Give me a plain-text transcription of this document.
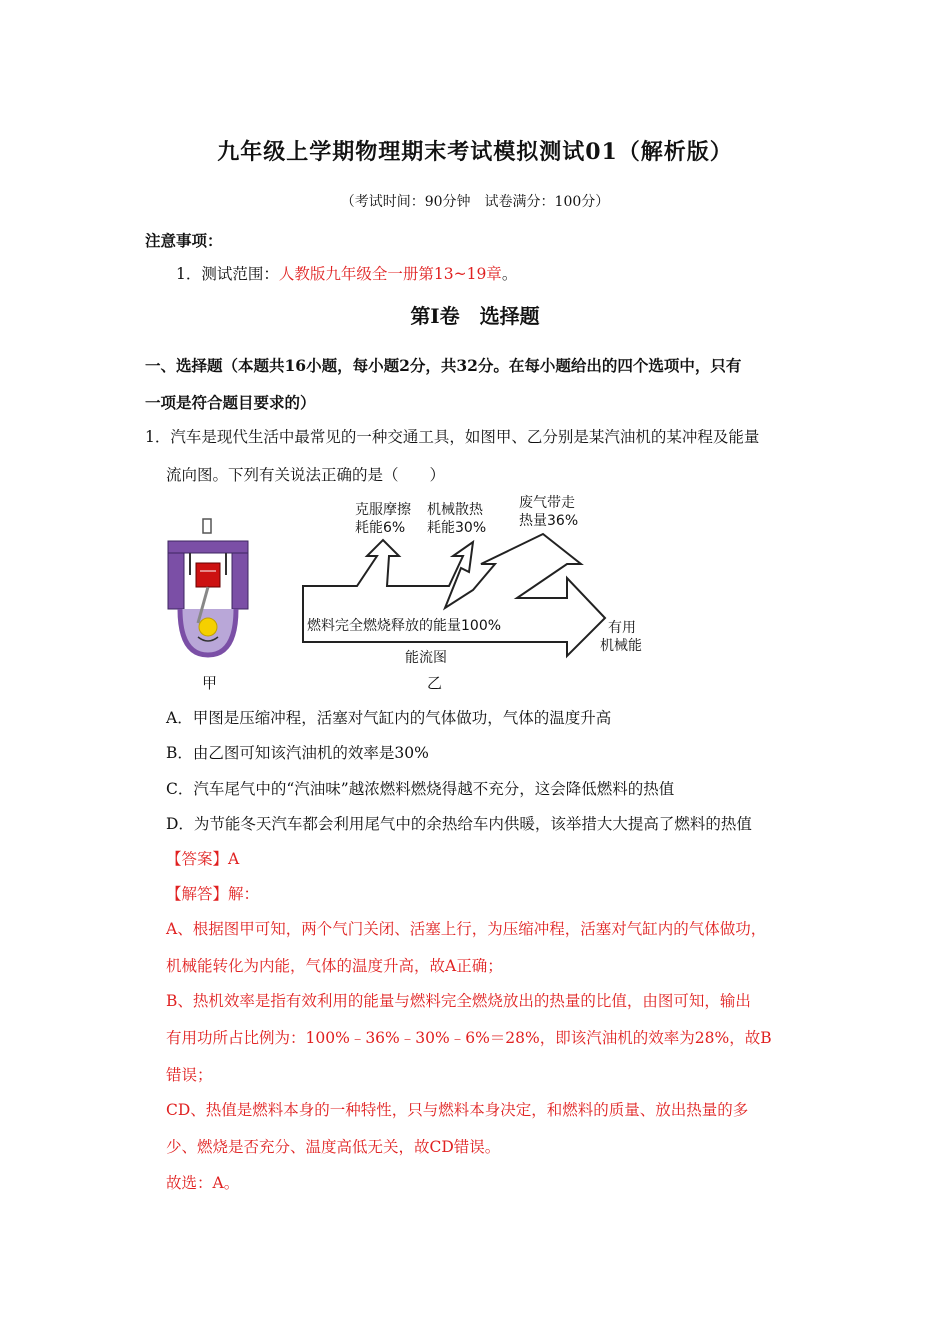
九年级上学期物理期末考试模拟测试01（解析版）
（考试时间：90分钟　试卷满分：100分）
注意事项：
1．测试范围：人教版九年级全一册第13~19章。
第Ⅰ卷　选择题
一、选择题（本题共16小题，每小题2分，共32分。在每小题给出的四个选项中，只有
一项是符合题目要求的）
1．汽车是现代生活中最常见的一种交通工具，如图甲、乙分别是某汽油机的某冲程及能量
流向图。下列有关说法正确的是（　　）
甲
克服摩擦
耗能6%
机械散热
耗能30%
废气带走
热量36%
燃料完全燃烧释放的能量100%	有用
机械能
能流图
乙
A．甲图是压缩冲程，活塞对气缸内的气体做功，气体的温度升高
B．由乙图可知该汽油机的效率是30%
C．汽车尾气中的“汽油味”越浓燃料燃烧得越不充分，这会降低燃料的热值
D．为节能冬天汽车都会利用尾气中的余热给车内供暖，该举措大大提高了燃料的热值
【答案】A
【解答】解：
A、根据图甲可知，两个气门关闭、活塞上行，为压缩冲程，活塞对气缸内的气体做功，
机械能转化为内能，气体的温度升高，故A正确；
B、热机效率是指有效利用的能量与燃料完全燃烧放出的热量的比值，由图可知，输出
有用功所占比例为：100%﹣36%﹣30%﹣6%＝28%，即该汽油机的效率为28%，故B
错误；
CD、热值是燃料本身的一种特性，只与燃料本身决定，和燃料的质量、放出热量的多
少、燃烧是否充分、温度高低无关，故CD错误。
故选：A。
